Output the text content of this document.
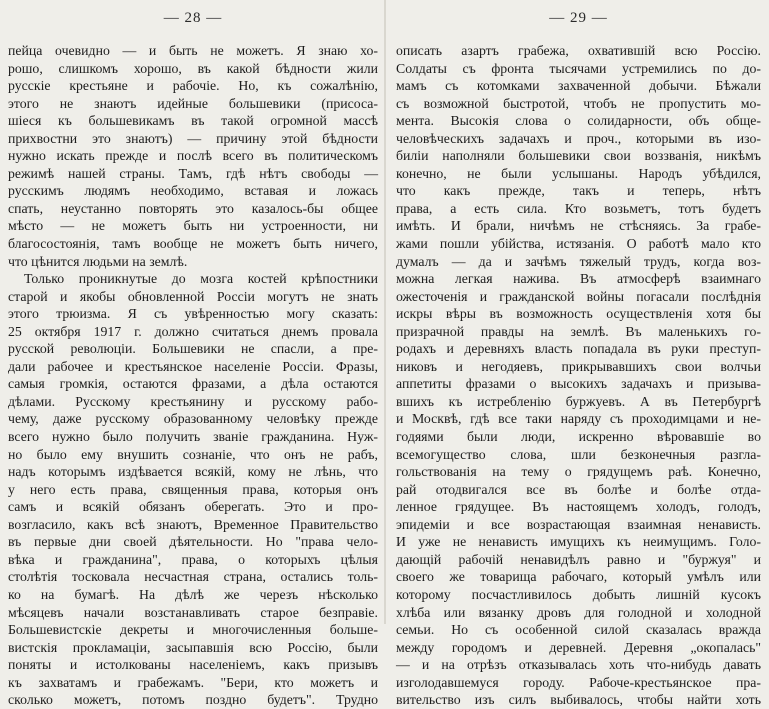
— 28 —
пейца очевидно — и быть не можетъ. Я знаю хо-
рошо, слишкомъ хорошо, въ какой бѣдности жили
русскіе крестьяне и рабочіе. Но, къ сожалѣнію,
этого не знаютъ идейные большевики (присоса-
шіеся къ большевикамъ въ такой огромной массѣ
прихвостни это знаютъ) — причину этой бѣдности
нужно искать прежде и послѣ всего въ политическомъ
режимѣ нашей страны. Тамъ, гдѣ нѣтъ свободы —
русскимъ людямъ необходимо, вставая и ложась
спать, неустанно повторять это казалось-бы общее
мѣсто — не можетъ быть ни устроенности, ни
благосостоянія, тамъ вообще не можетъ быть ничего,
что цѣнится людьми на землѣ.
Только проникнутые до мозга костей крѣпостники
старой и якобы обновленной Россіи могутъ не знать
этого трюизма. Я съ увѣренностью могу сказать:
25 октября 1917 г. должно считаться днемъ провала
русской революціи. Большевики не спасли, а пре-
дали рабочее и крестьянское населеніе Россіи. Фразы,
самыя громкія, остаются фразами, а дѣла остаются
дѣлами. Русскому крестьянину и русскому рабо-
чему, даже русскому образованному человѣку прежде
всего нужно было получить званіе гражданина. Нуж-
но было ему внушить сознаніе, что онъ не рабъ,
надъ которымъ издѣвается всякій, кому не лѣнь, что
у него есть права, священныя права, которыя онъ
самъ и всякій обязанъ оберегать. Это и про-
возгласило, какъ всѣ знаютъ, Временное Правительство
въ первые дни своей дѣятельности. Но "права чело-
вѣка и гражданина", права, о которыхъ цѣлыя
столѣтія тосковала несчастная страна, остались толь-
ко на бумагѣ. На дѣлѣ же черезъ нѣсколько
мѣсяцевъ начали возстанавливать старое безправіе.
Большевистскіе декреты и многочисленныя больше-
вистскія прокламаціи, засыпавшія всю Россію, были
поняты и истолкованы населеніемъ, какъ призывъ
къ захватамъ и грабежамъ. "Бери, кто можетъ и
сколько можетъ, потомъ поздно будетъ". Трудно
— 29 —
описать азартъ грабежа, охватившій всю Россію.
Солдаты съ фронта тысячами устремились по до-
мамъ съ котомками захваченной добычи. Бѣжали
съ возможной быстротой, чтобъ не пропустить мо-
мента. Высокія слова о солидарности, объ обще-
человѣческихъ задачахъ и проч., которыми въ изо-
биліи наполняли большевики свои воззванія, никѣмъ
конечно, не были услышаны. Народъ убѣдился,
что какъ прежде, такъ и теперь, нѣтъ
права, а есть сила. Кто возьметъ, тотъ будетъ
имѣть. И брали, ничѣмъ не стѣсняясь. За грабе-
жами пошли убійства, истязанія. О работѣ мало кто
думалъ — да и зачѣмъ тяжелый трудъ, когда воз-
можна легкая нажива. Въ атмосферѣ взаимнаго
ожесточенія и гражданской войны погасали послѣднія
искры вѣры въ возможность осуществленія хотя бы
призрачной правды на землѣ. Въ маленькихъ го-
родахъ и деревняхъ власть попадала въ руки преступ-
никовъ и негодяевъ, прикрывавшихъ свои волчьи
аппетиты фразами о высокихъ задачахъ и призыва-
вшихъ къ истребленію буржуевъ. А въ Петербургѣ
и Москвѣ, гдѣ все таки наряду съ проходимцами и не-
годяями были люди, искренно вѣровавшіе во
всемогущество слова, шли безконечныя разгла-
гольствованія на тему о грядущемъ раѣ. Конечно,
рай отодвигался все въ болѣе и болѣе отда-
ленное грядущее. Въ настоящемъ холодъ, голодъ,
эпидеміи и все возрастающая взаимная ненависть.
И уже не ненависть имущихъ къ неимущимъ. Голо-
дающій рабочій ненавидѣлъ равно и "буржуя" и
своего же товарища рабочаго, который умѣлъ или
которому посчастливилось добыть лишній кусокъ
хлѣба или вязанку дровъ для голодной и холодной
семьи. Но съ особенной силой сказалась вражда
между городомъ и деревней. Деревня „окопалась"
— и на отрѣзъ отказывалась хоть что-нибудь давать
изголодавшемуся городу. Рабоче-крестьянское пра-
вительство изъ силъ выбивалось, чтобы найти хоть
